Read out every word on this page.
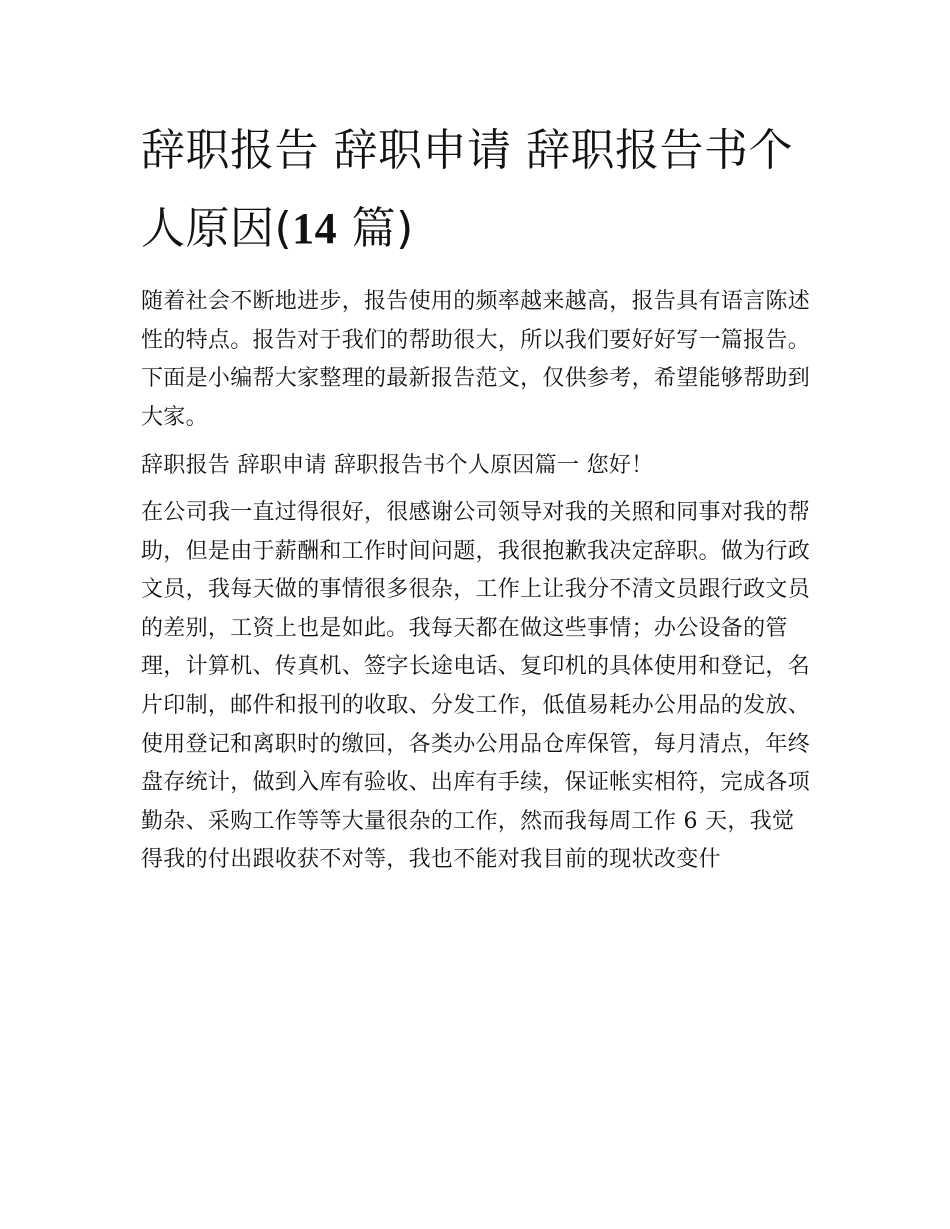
辞职报告 辞职申请 辞职报告书个人原因(14 篇)

随着社会不断地进步，报告使用的频率越来越高，报告具有语言陈述性的特点。报告对于我们的帮助很大，所以我们要好好写一篇报告。下面是小编帮大家整理的最新报告范文，仅供参考，希望能够帮助到大家。

辞职报告 辞职申请 辞职报告书个人原因篇一 您好！

在公司我一直过得很好，很感谢公司领导对我的关照和同事对我的帮助，但是由于薪酬和工作时间问题，我很抱歉我决定辞职。做为行政文员，我每天做的事情很多很杂，工作上让我分不清文员跟行政文员的差别，工资上也是如此。我每天都在做这些事情；办公设备的管理，计算机、传真机、签字长途电话、复印机的具体使用和登记，名片印制，邮件和报刊的收取、分发工作，低值易耗办公用品的发放、使用登记和离职时的缴回，各类办公用品仓库保管，每月清点，年终盘存统计，做到入库有验收、出库有手续，保证帐实相符，完成各项勤杂、采购工作等等大量很杂的工作，然而我每周工作 6 天，我觉得我的付出跟收获不对等，我也不能对我目前的现状改变什
